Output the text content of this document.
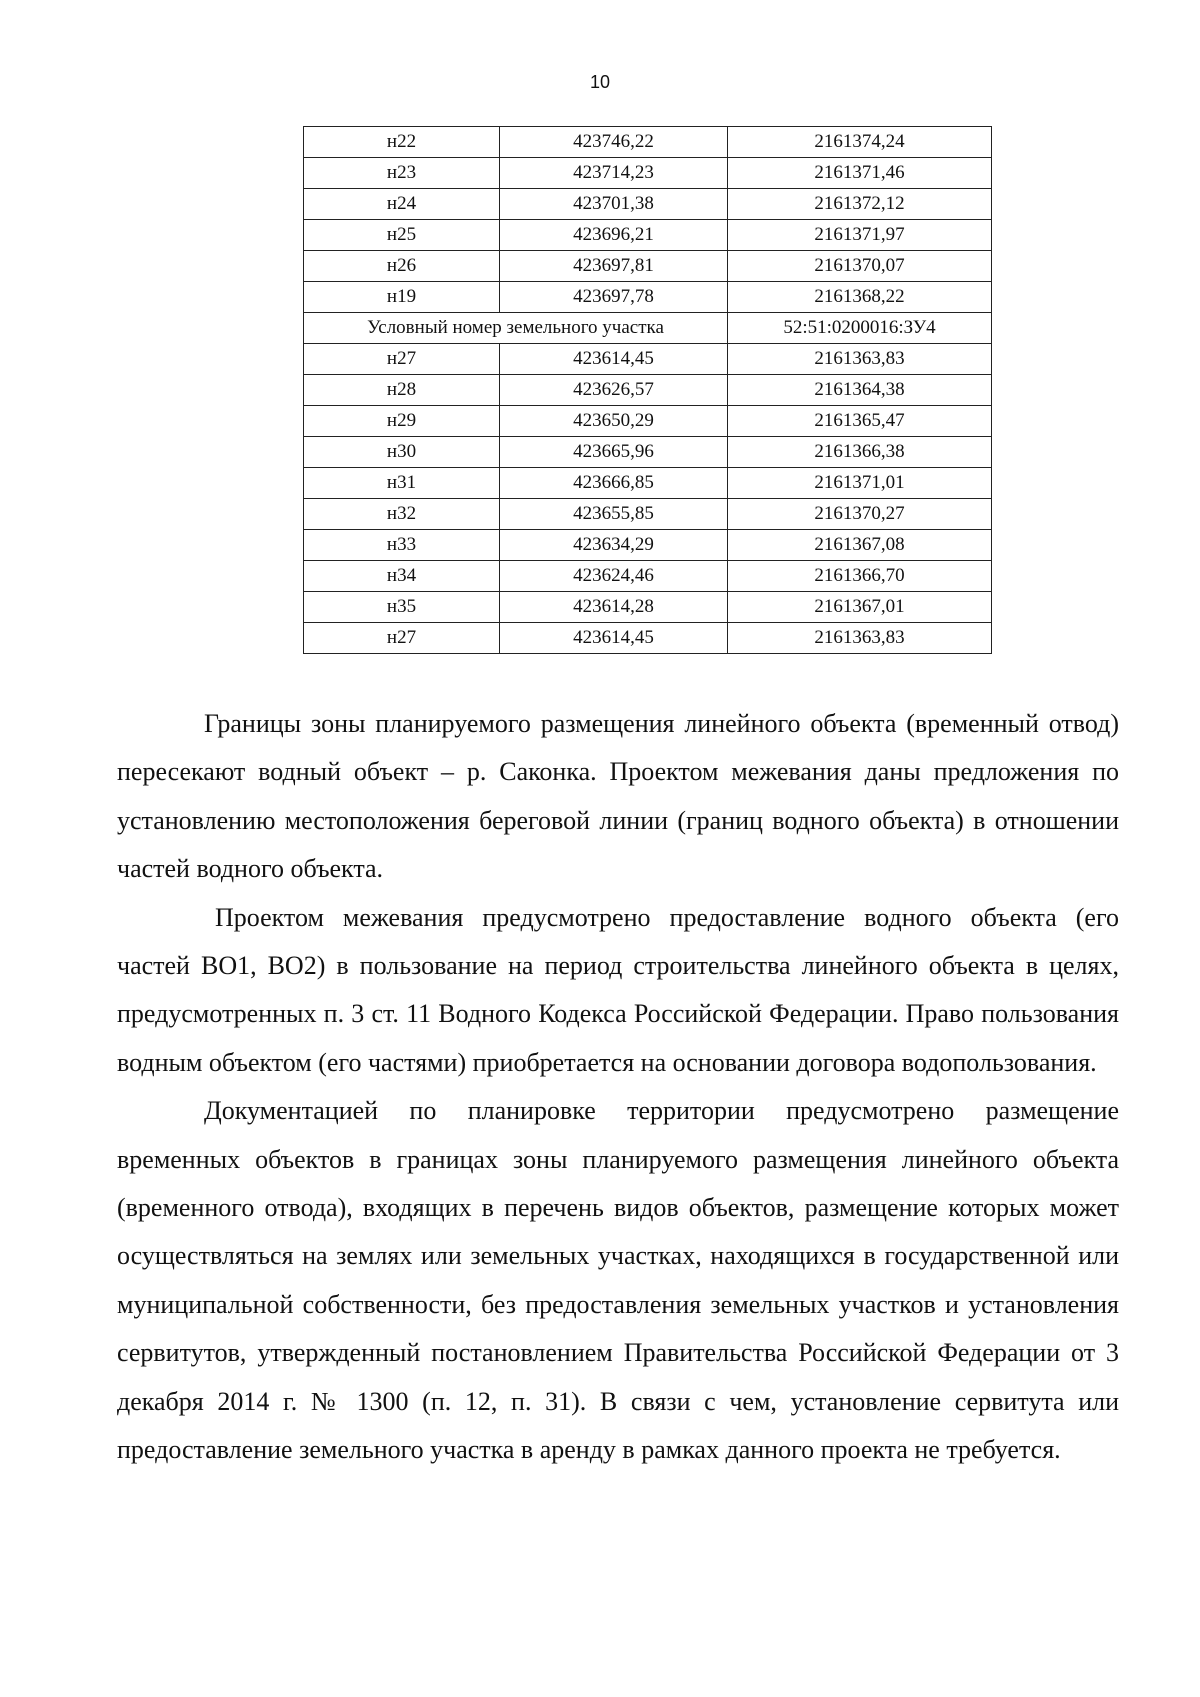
10
н22	423746,22	2161374,24
н23	423714,23	2161371,46
н24	423701,38	2161372,12
н25	423696,21	2161371,97
н26	423697,81	2161370,07
н19	423697,78	2161368,22
Условный номер земельного участка		52:51:0200016:ЗУ4
н27	423614,45	2161363,83
н28	423626,57	2161364,38
н29	423650,29	2161365,47
н30	423665,96	2161366,38
н31	423666,85	2161371,01
н32	423655,85	2161370,27
н33	423634,29	2161367,08
н34	423624,46	2161366,70
н35	423614,28	2161367,01
н27	423614,45	2161363,83

Границы зоны планируемого размещения линейного объекта (временный отвод) пересекают водный объект – р. Саконка. Проектом межевания даны предложения по установлению местоположения береговой линии (границ водного объекта) в отношении частей водного объекта.

Проектом межевания предусмотрено предоставление водного объекта (его частей ВО1, ВО2) в пользование на период строительства линейного объекта в целях, предусмотренных п. 3 ст. 11 Водного Кодекса Российской Федерации. Право пользования водным объектом (его частями) приобретается на основании договора водопользования.

Документацией по планировке территории предусмотрено размещение временных объектов в границах зоны планируемого размещения линейного объекта (временного отвода), входящих в перечень видов объектов, размещение которых может осуществляться на землях или земельных участках, находящихся в государственной или муниципальной собственности, без предоставления земельных участков и установления сервитутов, утвержденный постановлением Правительства Российской Федерации от 3 декабря 2014 г. № 1300 (п. 12, п. 31). В связи с чем, установление сервитута или предоставление земельного участка в аренду в рамках данного проекта не требуется.
